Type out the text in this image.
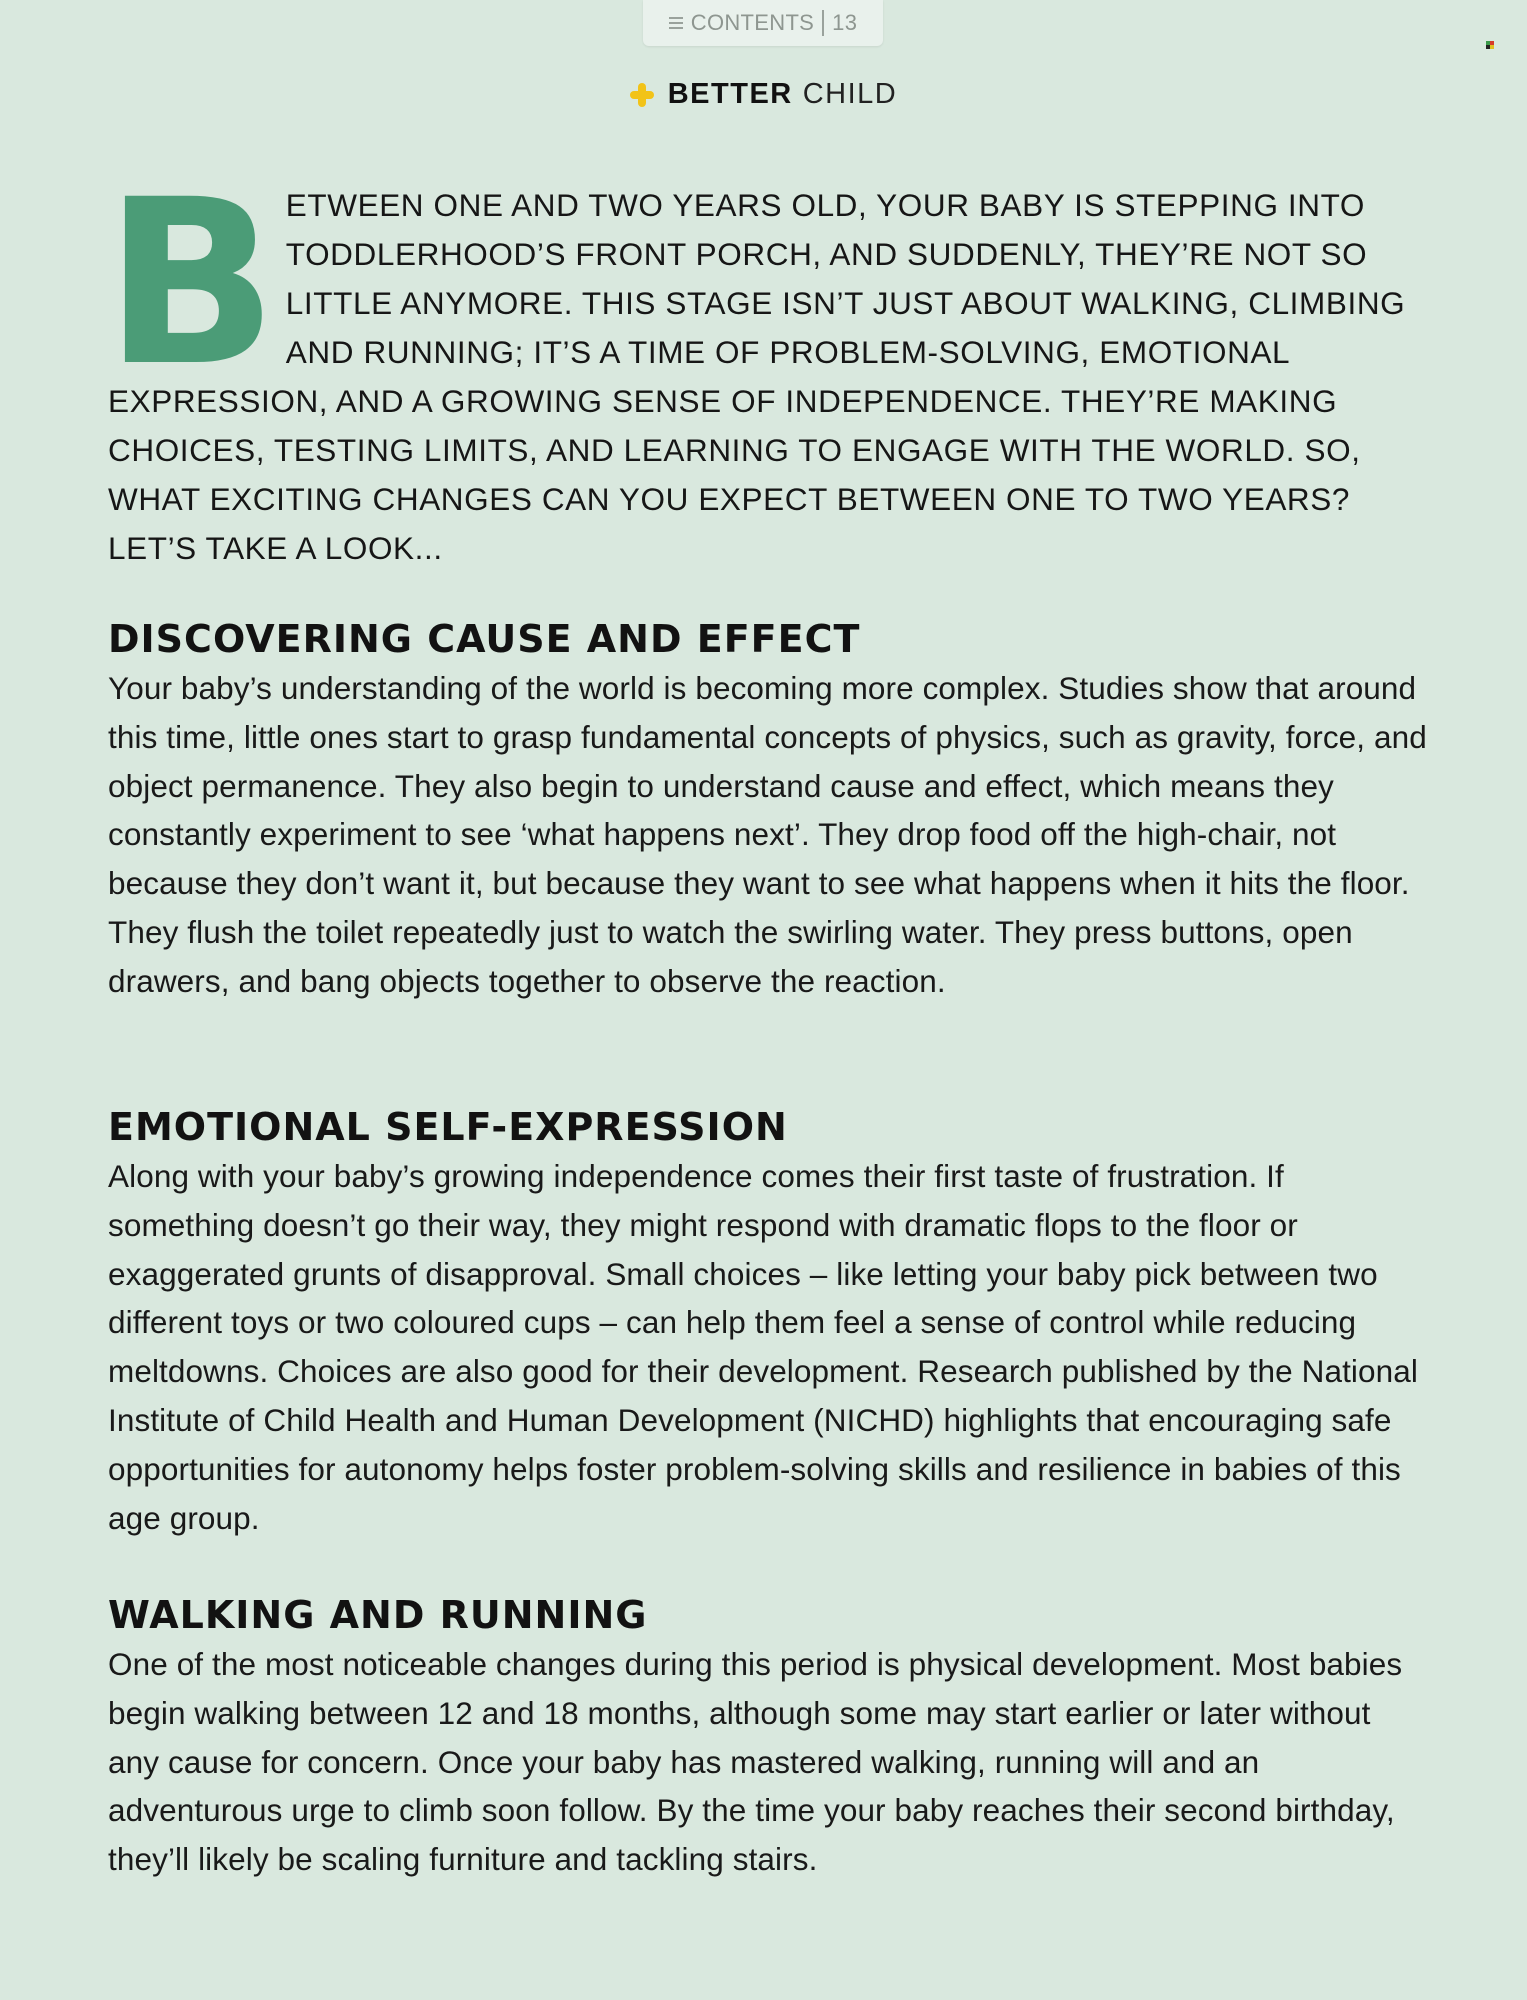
CONTENTS 13
BETTER CHILD
B ETWEEN ONE AND TWO YEARS OLD, YOUR BABY IS STEPPING INTO TODDLERHOOD’S FRONT PORCH, AND SUDDENLY, THEY’RE NOT SO LITTLE ANYMORE. THIS STAGE ISN’T JUST ABOUT WALKING, CLIMBING AND RUNNING; IT’S A TIME OF PROBLEM-SOLVING, EMOTIONAL EXPRESSION, AND A GROWING SENSE OF INDEPENDENCE. THEY’RE MAKING CHOICES, TESTING LIMITS, AND LEARNING TO ENGAGE WITH THE WORLD. SO, WHAT EXCITING CHANGES CAN YOU EXPECT BETWEEN ONE TO TWO YEARS? LET’S TAKE A LOOK...
DISCOVERING CAUSE AND EFFECT

Your baby’s understanding of the world is becoming more complex. Studies show that around this time, little ones start to grasp fundamental concepts of physics, such as gravity, force, and object permanence. They also begin to understand cause and effect, which means they constantly experiment to see ‘what happens next’. They drop food off the high-chair, not because they don’t want it, but because they want to see what happens when it hits the floor. They flush the toilet repeatedly just to watch the swirling water. They press buttons, open drawers, and bang objects together to observe the reaction.

EMOTIONAL SELF-EXPRESSION

Along with your baby’s growing independence comes their first taste of frustration. If something doesn’t go their way, they might respond with dramatic flops to the floor or exaggerated grunts of disapproval. Small choices – like letting your baby pick between two different toys or two coloured cups – can help them feel a sense of control while reducing meltdowns. Choices are also good for their development. Research published by the National Institute of Child Health and Human Development (NICHD) highlights that encouraging safe opportunities for autonomy helps foster problem-solving skills and resilience in babies of this age group.

WALKING AND RUNNING

One of the most noticeable changes during this period is physical development. Most babies begin walking between 12 and 18 months, although some may start earlier or later without any cause for concern. Once your baby has mastered walking, running will and an adventurous urge to climb soon follow. By the time your baby reaches their second birthday, they’ll likely be scaling furniture and tackling stairs.
